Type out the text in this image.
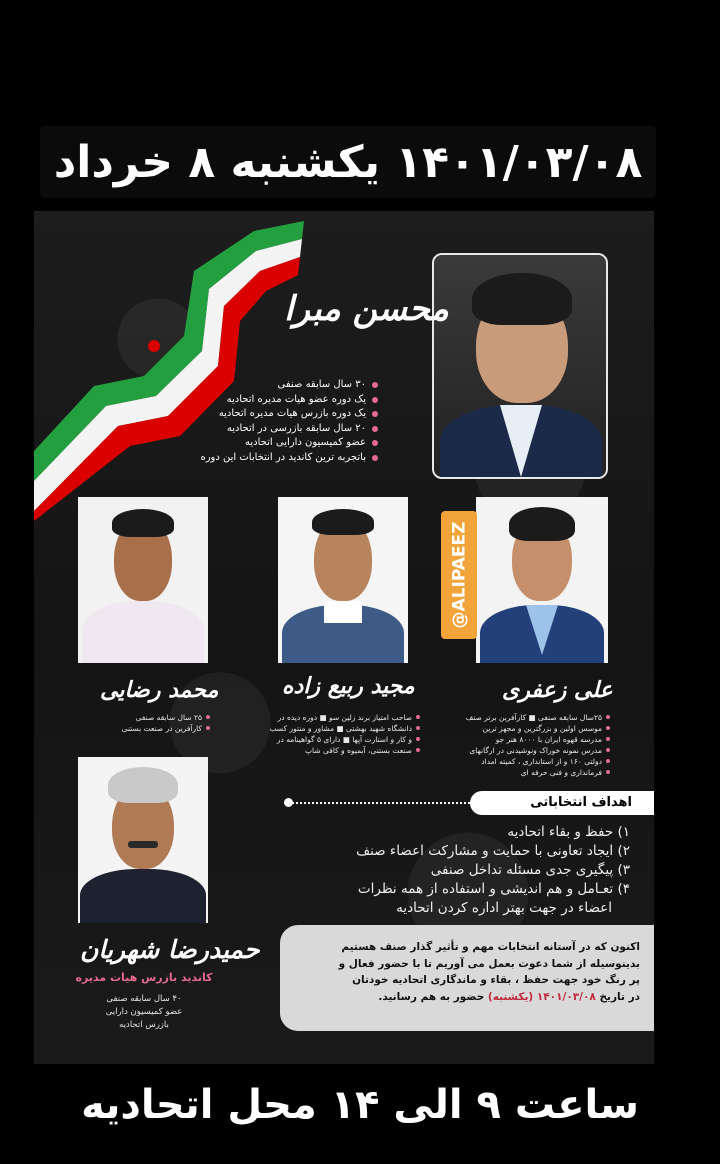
۱۴۰۱/۰۳/۰۸ یکشنبه ۸ خرداد
محسن مبرا
۳۰ سال سابقه صنفی
یک دوره عضو هیات مدیره اتحادیه
یک دوره بازرس هیات مدیره اتحادیه
۲۰ سال سابقه بازرسی در اتحادیه
عضو کمیسیون دارایی اتحادیه
باتجربه ترین کاندید در انتخابات این دوره
@ALIPAEEZ
علی زعفری
مجید ربیع زاده
محمد رضایی
۲۵سال سابقه صنفی ■ کارآفرین برتر صنف
موسس اولین و بزرگترین و مجهز ترین
مدرسه قهوه ایران با ۸۰۰۰ هنر جو
مدرس نمونه خوراک ونوشیدنی در ارگانهای
دولتی ۱۶۰ و از استانداری ، کمیته امداد
فرمانداری و فنی حرفه ای
صاحب امتیاز برند زلین سو ■ دوره دیده در
دانشگاه شهید بهشتی ■ مشاور و منتور کسب
و کار و استارت آپها ■ دارای ۵ گواهینامه در
صنعت بستنی، آبمیوه و کافی شاپ
۲۵ سال سابقه صنفی
کارآفرین در صنعت بستنی
اهداف انتخاباتی
۱) حفظ و بقاء اتحادیه
۲) ایجاد تعاونی با حمایت و مشارکت اعضاء صنف
۳) پیگیری جدی مسئله تداخل صنفی
۴) تعـامل و هم اندیشی و استفاده از همه نظرات
اعضاء در جهت بهتر اداره کردن اتحادیه
حمیدرضا شهریان
کاندید بازرس هیات مدیره
۴۰ سال سابقه صنفی
عضو کمیسیون دارایی
بازرس اتحادیه
اکنون که در آستانه انتخابات مهم و تأثیر گذار صنف هستیم
بدینوسیله از شما دعوت بعمل می آوریم تا با حضور فعال و
پر رنگ خود جهت حفظ ، بقاء و ماندگاری اتحادیه خودتان
در تاریخ ۱۴۰۱/۰۳/۰۸ (یکشنبه) حضور به هم رسانید.
ساعت ۹ الی ۱۴ محل اتحادیه
